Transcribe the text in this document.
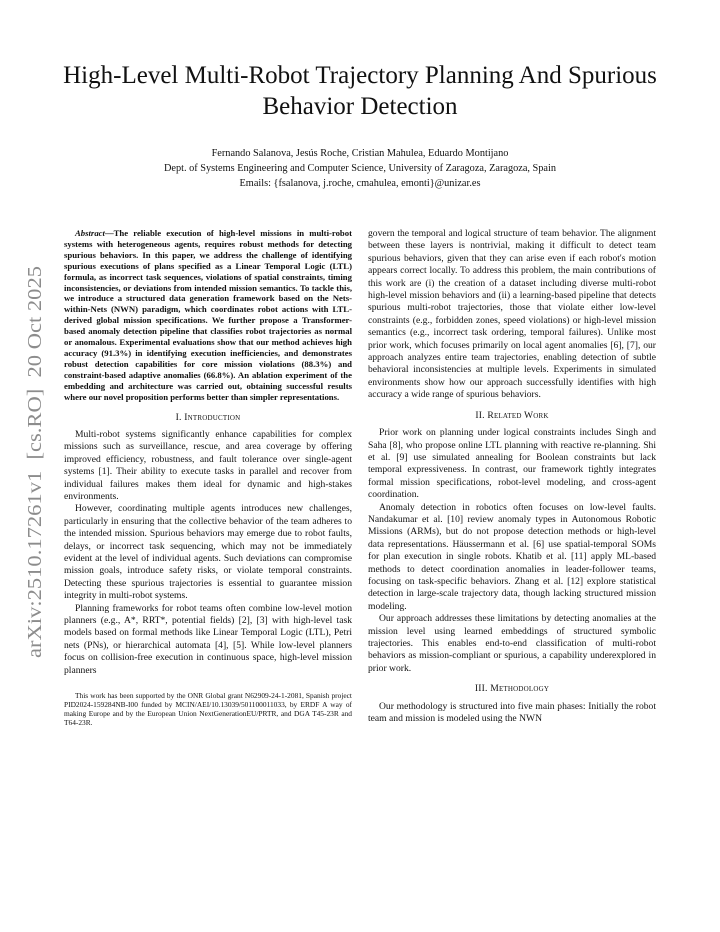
arXiv:2510.17261v1  [cs.RO]  20 Oct 2025
High-Level Multi-Robot Trajectory Planning And Spurious Behavior Detection
Fernando Salanova, Jesús Roche, Cristian Mahulea, Eduardo Montijano
Dept. of Systems Engineering and Computer Science, University of Zaragoza, Zaragoza, Spain
Emails: {fsalanova, j.roche, cmahulea, emonti}@unizar.es

Abstract—The reliable execution of high-level missions in multi-robot systems with heterogeneous agents, requires robust methods for detecting spurious behaviors. In this paper, we address the challenge of identifying spurious executions of plans specified as a Linear Temporal Logic (LTL) formula, as incorrect task sequences, violations of spatial constraints, timing inconsistencies, or deviations from intended mission semantics. To tackle this, we introduce a structured data generation framework based on the Nets-within-Nets (NWN) paradigm, which coordinates robot actions with LTL-derived global mission specifications. We further propose a Transformer-based anomaly detection pipeline that classifies robot trajectories as normal or anomalous. Experimental evaluations show that our method achieves high accuracy (91.3%) in identifying execution inefficiencies, and demonstrates robust detection capabilities for core mission violations (88.3%) and constraint-based adaptive anomalies (66.8%). An ablation experiment of the embedding and architecture was carried out, obtaining successful results where our novel proposition performs better than simpler representations.

I. Introduction

Multi-robot systems significantly enhance capabilities for complex missions such as surveillance, rescue, and area coverage by offering improved efficiency, robustness, and fault tolerance over single-agent systems [1]. Their ability to execute tasks in parallel and recover from individual failures makes them ideal for dynamic and high-stakes environments.

However, coordinating multiple agents introduces new challenges, particularly in ensuring that the collective behavior of the team adheres to the intended mission. Spurious behaviors may emerge due to robot faults, delays, or incorrect task sequencing, which may not be immediately evident at the level of individual agents. Such deviations can compromise mission goals, introduce safety risks, or violate temporal constraints. Detecting these spurious trajectories is essential to guarantee mission integrity in multi-robot systems.

Planning frameworks for robot teams often combine low-level motion planners (e.g., A*, RRT*, potential fields) [2], [3] with high-level task models based on formal methods like Linear Temporal Logic (LTL), Petri nets (PNs), or hierarchical automata [4], [5]. While low-level planners focus on collision-free execution in continuous space, high-level mission planners

This work has been supported by the ONR Global grant N62909-24-1-2081, Spanish project PID2024-159284NB-I00 funded by MCIN/AEI/10.13039/501100011033, by ERDF A way of making Europe and by the European Union NextGenerationEU/PRTR, and DGA T45-23R and T64-23R.

govern the temporal and logical structure of team behavior. The alignment between these layers is nontrivial, making it difficult to detect team spurious behaviors, given that they can arise even if each robot's motion appears correct locally. To address this problem, the main contributions of this work are (i) the creation of a dataset including diverse multi-robot high-level mission behaviors and (ii) a learning-based pipeline that detects spurious multi-robot trajectories, those that violate either low-level constraints (e.g., forbidden zones, speed violations) or high-level mission semantics (e.g., incorrect task ordering, temporal failures). Unlike most prior work, which focuses primarily on local agent anomalies [6], [7], our approach analyzes entire team trajectories, enabling detection of subtle behavioral inconsistencies at multiple levels. Experiments in simulated environments show how our approach successfully identifies with high accuracy a wide range of spurious behaviors.

II. Related Work

Prior work on planning under logical constraints includes Singh and Saha [8], who propose online LTL planning with reactive re-planning. Shi et al. [9] use simulated annealing for Boolean constraints but lack temporal expressiveness. In contrast, our framework tightly integrates formal mission specifications, robot-level modeling, and cross-agent coordination.

Anomaly detection in robotics often focuses on low-level faults. Nandakumar et al. [10] review anomaly types in Autonomous Robotic Missions (ARMs), but do not propose detection methods or high-level data representations. Häussermann et al. [6] use spatial-temporal SOMs for plan execution in single robots. Khatib et al. [11] apply ML-based methods to detect coordination anomalies in leader-follower teams, focusing on task-specific behaviors. Zhang et al. [12] explore statistical detection in large-scale trajectory data, though lacking structured mission modeling.

Our approach addresses these limitations by detecting anomalies at the mission level using learned embeddings of structured symbolic trajectories. This enables end-to-end classification of multi-robot behaviors as mission-compliant or spurious, a capability underexplored in prior work.

III. Methodology

Our methodology is structured into five main phases: Initially the robot team and mission is modeled using the NWN
